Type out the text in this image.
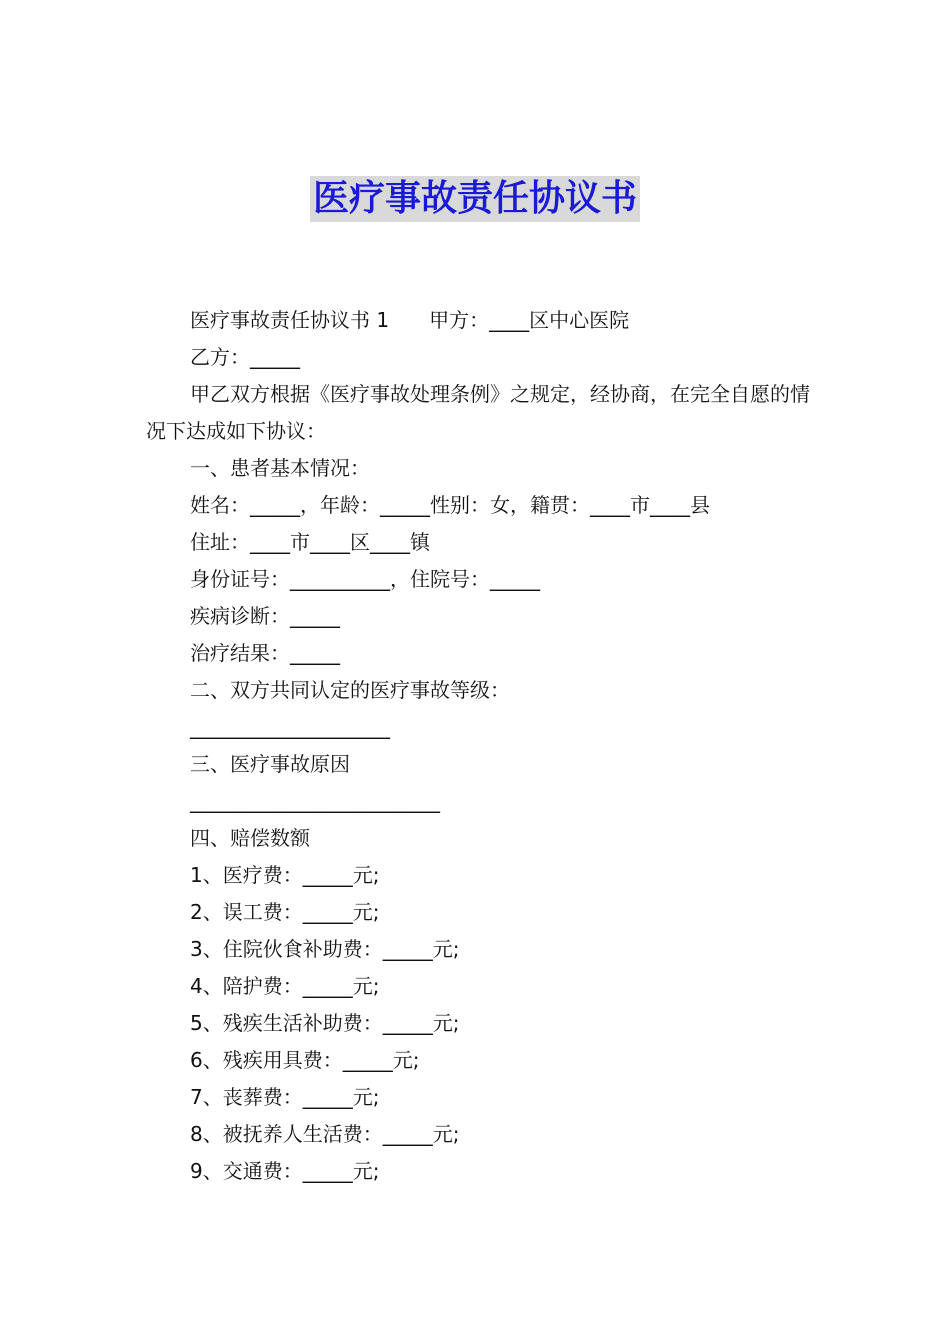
医疗事故责任协议书

医疗事故责任协议书 1　　甲方：____区中心医院

乙方：_____

甲乙双方根据《医疗事故处理条例》之规定，经协商，在完全自愿的情况下达成如下协议：

一、患者基本情况：

姓名：_____，年龄：_____性别：女，籍贯：____市____县

住址：____市____区____镇

身份证号：__________，住院号：_____

疾病诊断：_____

治疗结果：_____

二、双方共同认定的医疗事故等级：

____________________

三、医疗事故原因

_________________________

四、赔偿数额

1、医疗费：_____元;

2、误工费：_____元;

3、住院伙食补助费：_____元;

4、陪护费：_____元;

5、残疾生活补助费：_____元;

6、残疾用具费：_____元;

7、丧葬费：_____元;

8、被抚养人生活费：_____元;

9、交通费：_____元;
